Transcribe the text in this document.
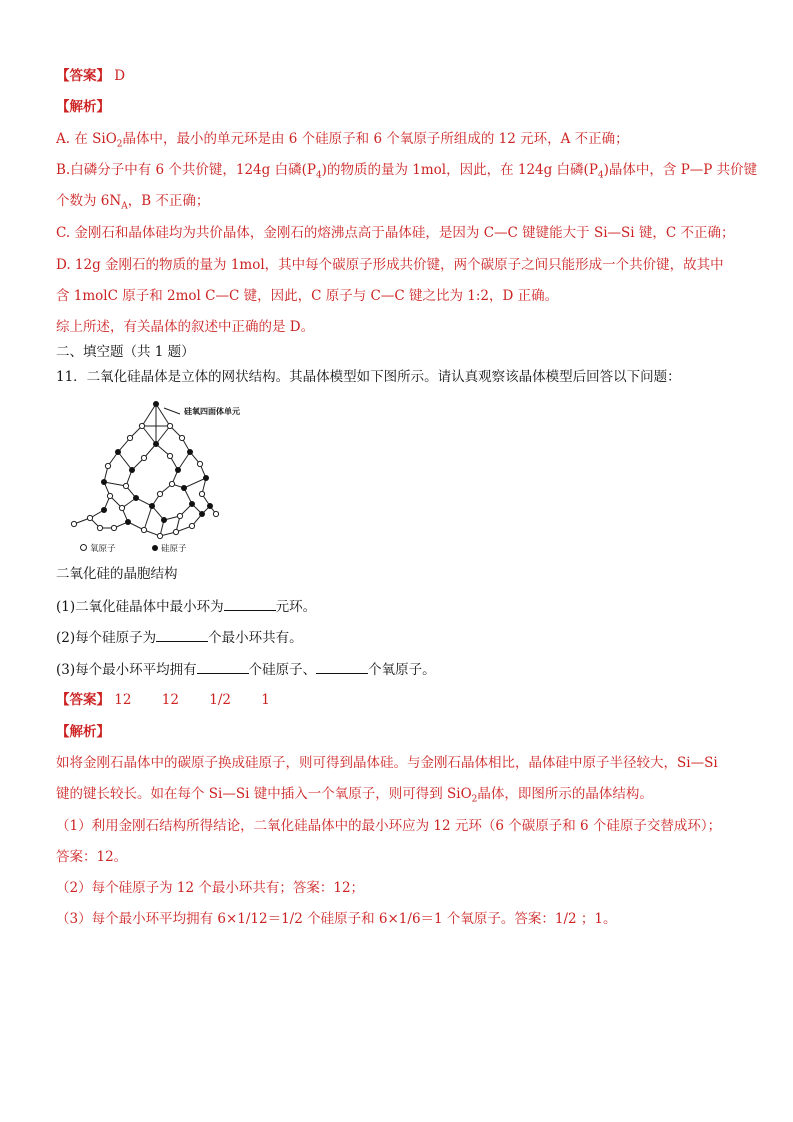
【答案】 D
【解析】
A. 在 SiO$_2$晶体中，最小的单元环是由 6 个硅原子和 6 个氧原子所组成的 12 元环，A 不正确；
B.白磷分子中有 6 个共价键，124g 白磷$(P_4)$的物质的量为 1mol，因此，在 124g 白磷$(P_4)$晶体中，含 P—P 共价键
个数为 $6N_A$，B 不正确；
C. 金刚石和晶体硅均为共价晶体，金刚石的熔沸点高于晶体硅，是因为 C—C 键键能大于 Si—Si 键，C 不正确；
D. 12g 金刚石的物质的量为 1mol，其中每个碳原子形成共价键，两个碳原子之间只能形成一个共价键，故其中
含 1molC 原子和 2mol C—C 键，因此，C 原子与 C—C 键之比为 1:2，D 正确。
综上所述，有关晶体的叙述中正确的是 D。
二、填空题（共 1 题）
11．二氧化硅晶体是立体的网状结构。其晶体模型如下图所示。请认真观察该晶体模型后回答以下问题：
硅氧四面体单元
氧原子	硅原子
二氧化硅的晶胞结构
(1)二氧化硅晶体中最小环为	元环。
(2)每个硅原子为	个最小环共有。
(3)每个最小环平均拥有	个硅原子、	个氧原子。
【答案】 12 12 1/2 1
【解析】
如将金刚石晶体中的碳原子换成硅原子，则可得到晶体硅。与金刚石晶体相比，晶体硅中原子半径较大，Si—Si
键的键长较长。如在每个 Si—Si 键中插入一个氧原子，则可得到 SiO$_2$晶体，即图所示的晶体结构。
（1）利用金刚石结构所得结论，二氧化硅晶体中的最小环应为 12 元环（6 个碳原子和 6 个硅原子交替成环）；
答案：12。
（2）每个硅原子为 12 个最小环共有；答案：12；
（3）每个最小环平均拥有 6×1/12＝1/2 个硅原子和 6×1/6＝1 个氧原子。答案：1/2 ；1。
